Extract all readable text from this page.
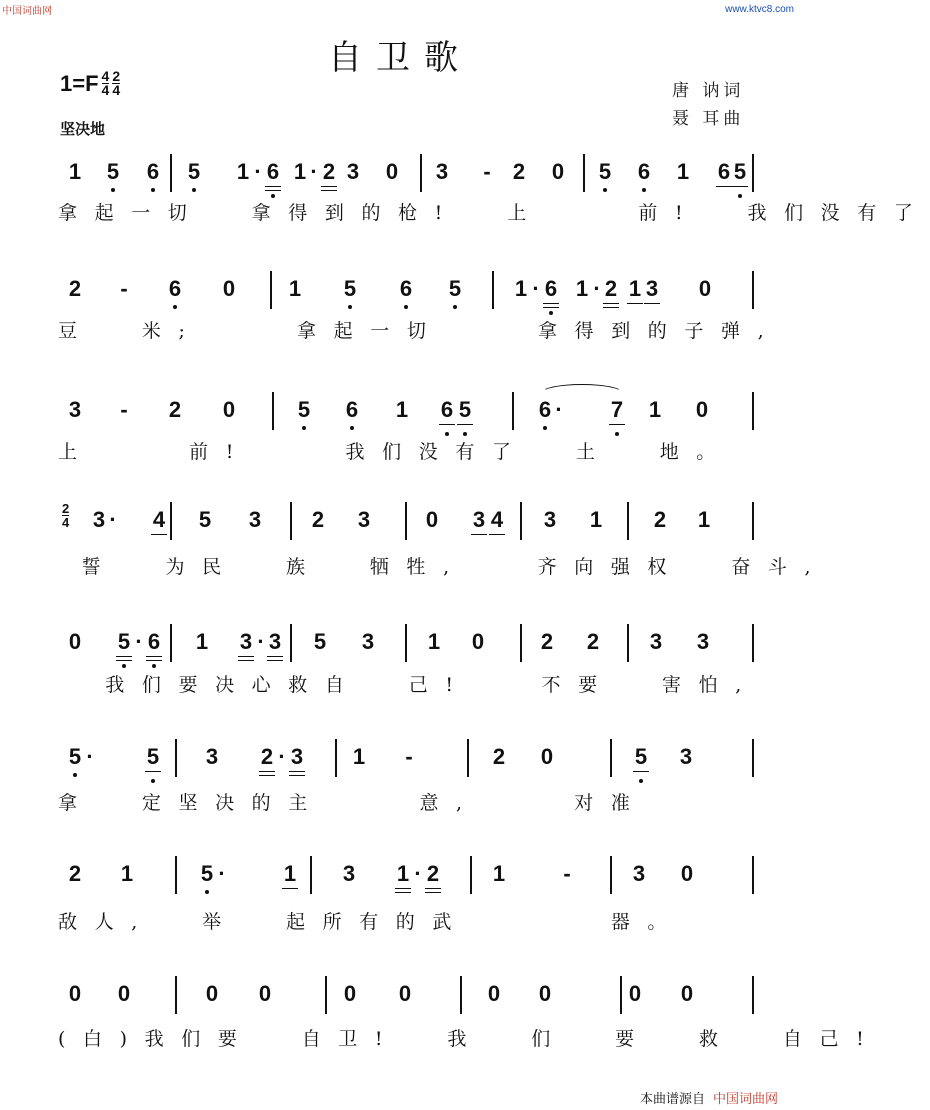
中国词曲网	www.ktvc8.com
自卫歌
$1=F \frac{4}{4} \frac{2}{4}$
坚决地
唐 讷词
聂 耳曲
1 5 6 5 1 · 6 1 · 2 3 0 3 - 2 0 5 6 1 6 5
拿起一切  拿得到的枪!  上    前!  我们没有了
2 - 6 0 1 5 6 5 1 · 6 1 · 2 1 3 0
豆  米;    拿起一切    拿得到的子弹,
3 - 2 0	5 6 1 6 5	6 · 7 1 0
上    前!    我们没有了  土  地。
2
4 3 · 4 5 3 2 3	0 3 4 3 1 2 1
誓  为民  族  牺牲,   齐向强权  奋斗,
0 5 · 6 1 3 · 3 5 3 1 0	2 2 3 3
我们要决心救自  己!   不要  害怕,
5 · 5 3 2 · 3 1 -	2 0	5 3
拿  定坚决的主    意,    对准
2 1	5 ·	1 3 1 · 2 1	-	3 0
敌人,  举  起所有的武      器。
0 0	0 0	0 0	0 0	0 0
(白)我们要  自卫!  我  们  要  救  自己!
本曲谱源自 中国词曲网
